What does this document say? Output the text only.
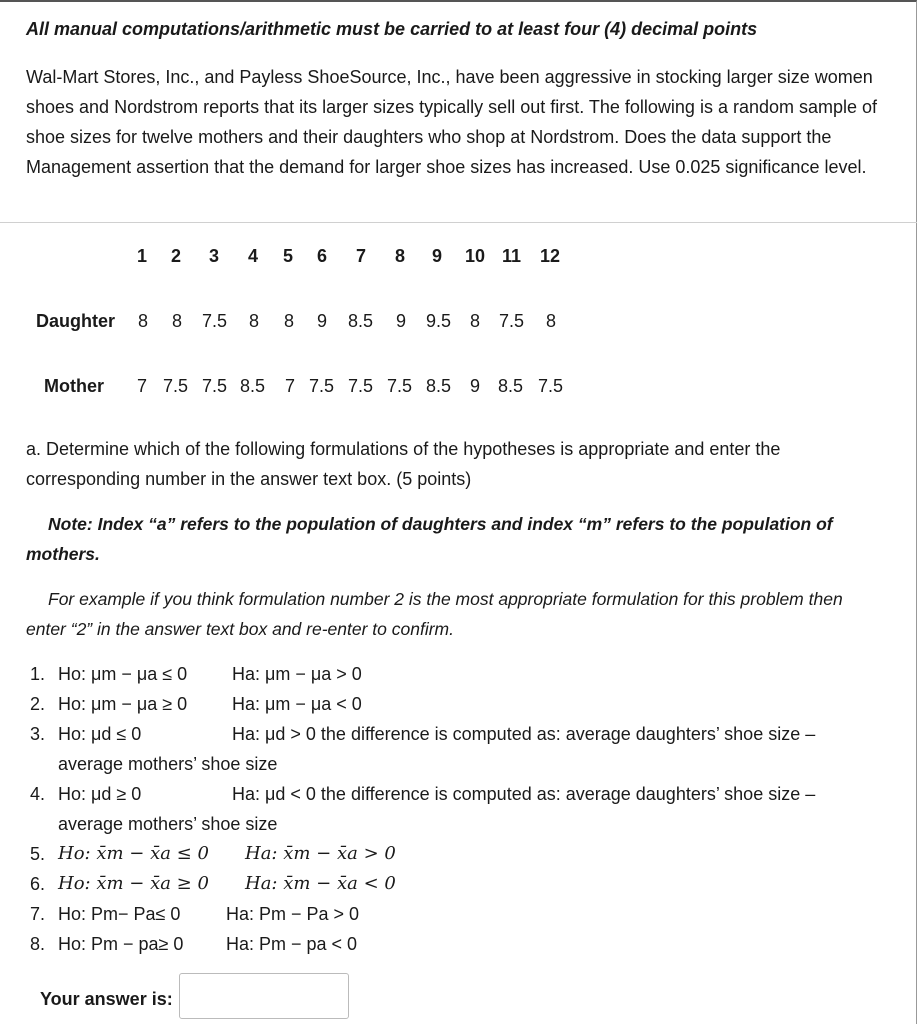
All manual computations/arithmetic must be carried to at least four (4) decimal points

Wal-Mart Stores, Inc., and Payless ShoeSource, Inc., have been aggressive in stocking larger size women shoes and Nordstrom reports that its larger sizes typically sell out first. The following is a random sample of shoe sizes for twelve mothers and their daughters who shop at Nordstrom. Does the data support the Management assertion that the demand for larger shoe sizes has increased. Use 0.025 significance level.

1 2 3 4 5 6 7 8 9 10 11 12
Daughter 8 8 7.5 8 8 9 8.5 9 9.5 8 7.5 8
Mother 7 7.5 7.5 8.5 7 7.5 7.5 7.5 8.5 9 8.5 7.5

a. Determine which of the following formulations of the hypotheses is appropriate and enter the corresponding number in the answer text box. (5 points)

Note: Index “a” refers to the population of daughters and index “m” refers to the population of mothers.

For example if you think formulation number 2 is the most appropriate formulation for this problem then enter “2” in the answer text box and re-enter to confirm.

1. Ho: μm − μa ≤ 0 Ha: μm − μa > 0
2. Ho: μm − μa ≥ 0 Ha: μm − μa < 0
3. Ho: μd ≤ 0	Ha: μd > 0 the difference is computed as: average daughters’ shoe size –
average mothers’ shoe size
4. Ho: μd ≥ 0	Ha: μd < 0 the difference is computed as: average daughters’ shoe size –
average mothers’ shoe size
5. Ho: x̄m − x̄a ≤ 0 Ha: x̄m − x̄a > 0
6. Ho: x̄m − x̄a ≥ 0 Ha: x̄m − x̄a < 0
7. Ho: Pm− Pa≤ 0	Ha: Pm − Pa > 0
8. Ho: Pm − pa≥ 0 Ha: Pm − pa < 0
Your answer is:
